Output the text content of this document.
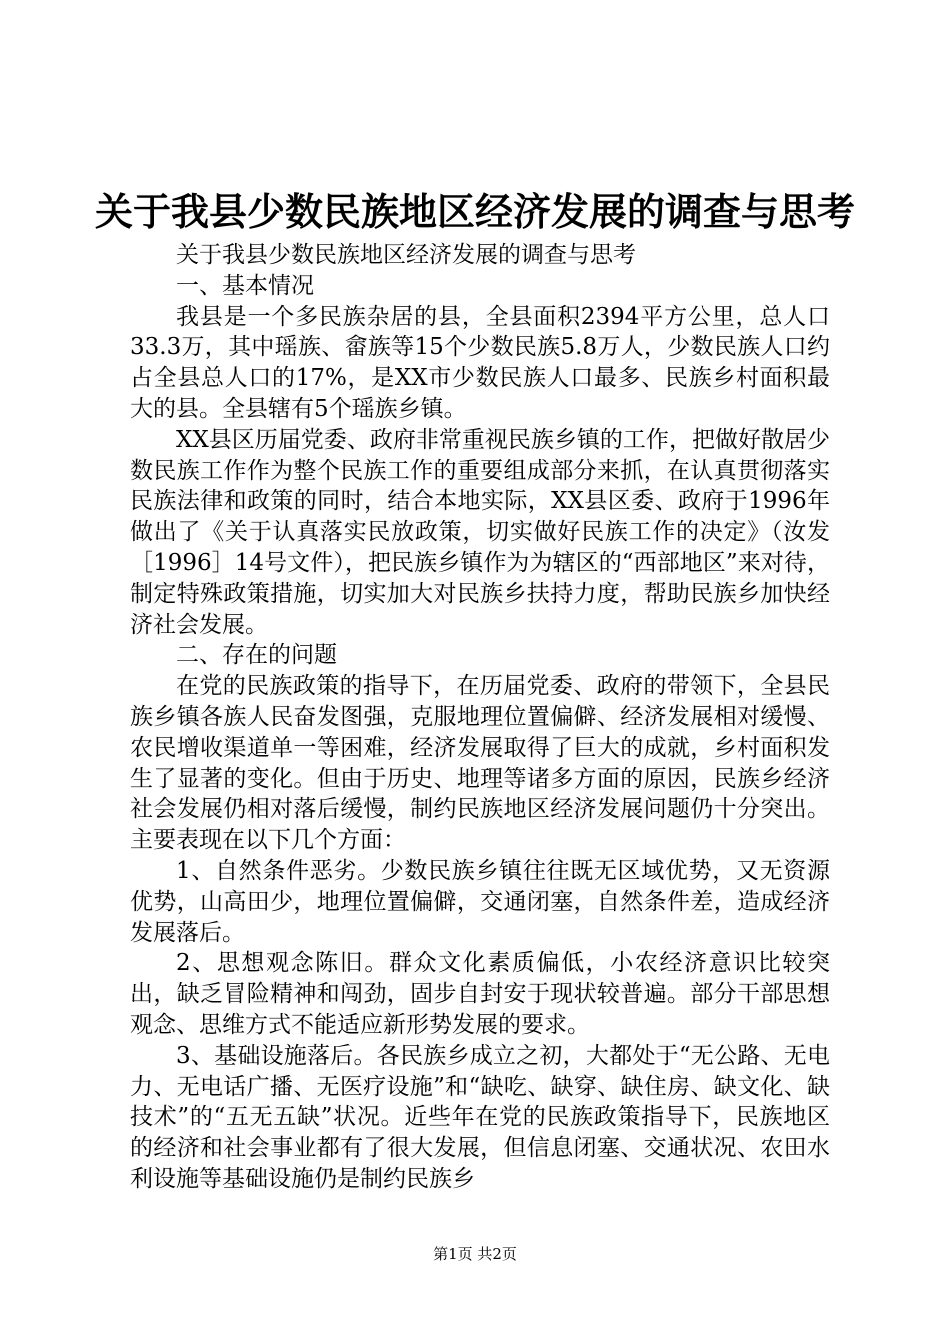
关于我县少数民族地区经济发展的调查与思考

关于我县少数民族地区经济发展的调查与思考

一、基本情况

我县是一个多民族杂居的县，全县面积2394平方公里，总人口33.3万，其中瑶族、畲族等15个少数民族5.8万人，少数民族人口约占全县总人口的17%，是XX市少数民族人口最多、民族乡村面积最大的县。全县辖有5个瑶族乡镇。

XX县区历届党委、政府非常重视民族乡镇的工作，把做好散居少数民族工作作为整个民族工作的重要组成部分来抓，在认真贯彻落实民族法律和政策的同时，结合本地实际，XX县区委、政府于1996年做出了《关于认真落实民放政策，切实做好民族工作的决定》（汝发［1996］14号文件），把民族乡镇作为为辖区的“西部地区”来对待，制定特殊政策措施，切实加大对民族乡扶持力度，帮助民族乡加快经济社会发展。

二、存在的问题

在党的民族政策的指导下，在历届党委、政府的带领下，全县民族乡镇各族人民奋发图强，克服地理位置偏僻、经济发展相对缓慢、农民增收渠道单一等困难，经济发展取得了巨大的成就，乡村面积发生了显著的变化。但由于历史、地理等诸多方面的原因，民族乡经济社会发展仍相对落后缓慢，制约民族地区经济发展问题仍十分突出。主要表现在以下几个方面：

1、自然条件恶劣。少数民族乡镇往往既无区域优势，又无资源优势，山高田少，地理位置偏僻，交通闭塞，自然条件差，造成经济发展落后。

2、思想观念陈旧。群众文化素质偏低，小农经济意识比较突出，缺乏冒险精神和闯劲，固步自封安于现状较普遍。部分干部思想观念、思维方式不能适应新形势发展的要求。

3、基础设施落后。各民族乡成立之初，大都处于“无公路、无电力、无电话广播、无医疗设施”和“缺吃、缺穿、缺住房、缺文化、缺技术”的“五无五缺”状况。近些年在党的民族政策指导下，民族地区的经济和社会事业都有了很大发展，但信息闭塞、交通状况、农田水利设施等基础设施仍是制约民族乡

第1页 共2页
